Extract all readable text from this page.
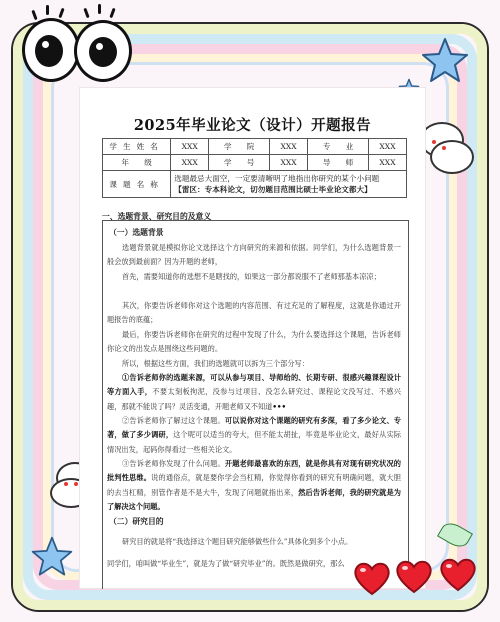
2025年毕业论文（设计）开题报告
学生姓名	XXX	学　　院	XXX	专　　业	XXX
年　　级	XXX	学　　号	XXX	导　　师	XXX
课题名称	选题最忌大面空，一定要清晰明了地指出你研究的某个小问题
【雷区：专本科论文，切勿题目范围比硕士毕业论文都大】				
一、选题背景、研究目的及意义
（一）选题背景

选题背景就是模拟你论文选择这个方向研究的来源和依据。同学们，为什么选题背景一般会放到最前面？因为开题的老师，

首先，需要知道你的选想不是瞎找的，如果这一部分都说服不了老师那基本凉凉；

其次，你要告诉老师你对这个选题的内容范围、有过充足的了解程度，这就是你通过开题报告的底蕴；

最后，你要告诉老师你在研究的过程中发现了什么，为什么要选择这个课题，告诉老师你论文的出发点是围绕这些问题的。

所以，根据这些方面，我们的选题就可以拆为三个部分写：

①告诉老师你的选题来源，可以从参与项目、导师给的、长期专研、很感兴趣课程设计等方面入手，不要太刻板拘泥，没参与过项目、没怎么研究过、课程论文没写过、不感兴趣，那就不能说了吗？灵活变通，开题老师又不知道•••

②告诉老师你了解过这个课题。可以说你对这个课题的研究有多深，看了多少论文、专著，做了多少调研，这个呢可以适当的夸大，但不能太胡扯，毕竟是毕业论文，最好从实际情况出发，起码你得看过一些相关论文。

③告诉老师你发现了什么问题。开题老师最喜欢的东西，就是你具有对现有研究状况的批判性思维。说的通俗点，就是要你学会当杠精，你觉得你看到的研究有明确问题，就大胆的去当杠精，别管作者是不是大牛，发现了问题就指出来，然后告诉老师，我的研究就是为了解决这个问题。

（二）研究目的

研究目的就是将“我选择这个题目研究能够做些什么”具体化到多个小点。

同学们，咱叫做“毕业生”，就是为了做“研究毕业”的。既然是做研究，那么
